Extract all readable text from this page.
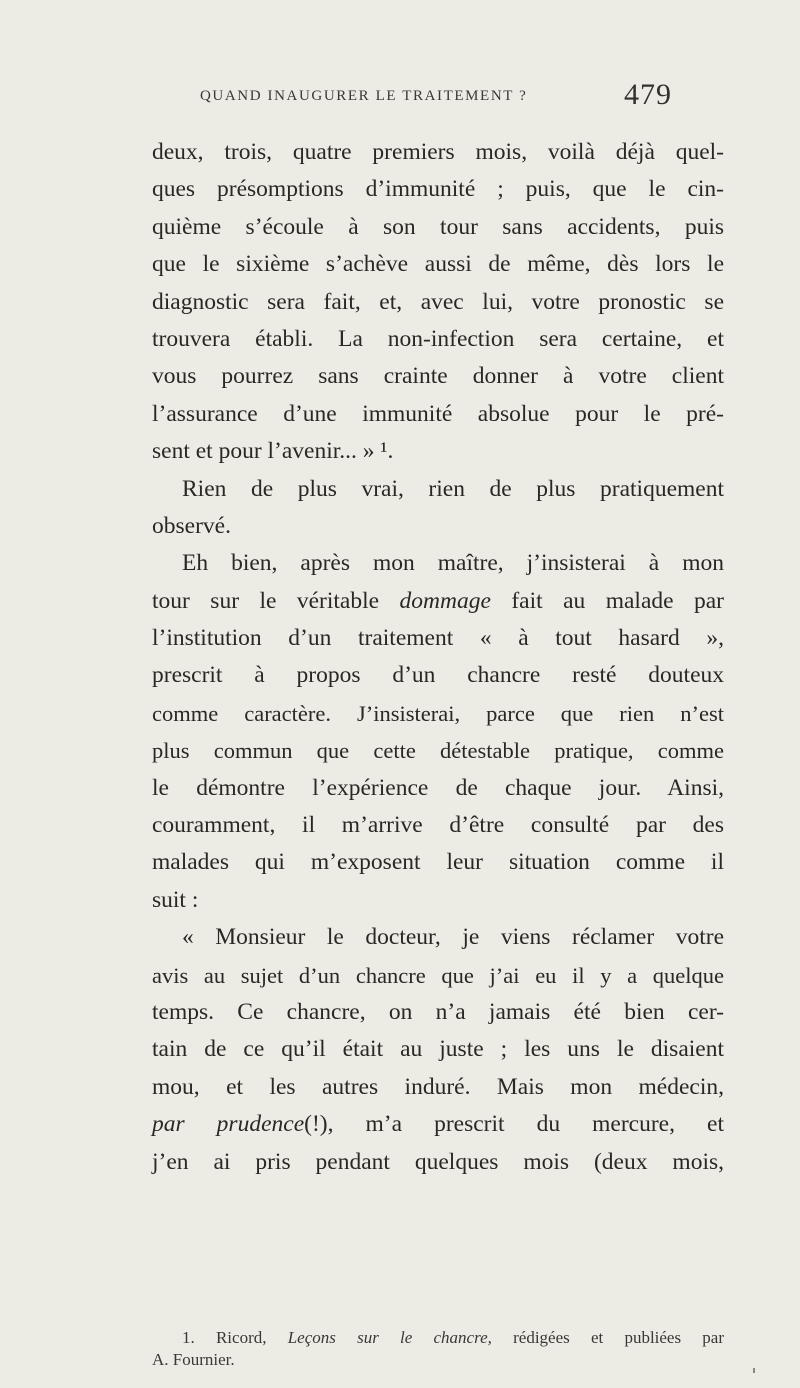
QUAND INAUGURER LE TRAITEMENT ?	479
deux, trois, quatre premiers mois, voilà déjà quel-
ques présomptions d’immunité ; puis, que le cin-
quième s’écoule à son tour sans accidents, puis
que le sixième s’achève aussi de même, dès lors le
diagnostic sera fait, et, avec lui, votre pronostic se
trouvera établi. La non-infection sera certaine, et
vous pourrez sans crainte donner à votre client
l’assurance d’une immunité absolue pour le pré-
sent et pour l’avenir... » ¹.
Rien de plus vrai, rien de plus pratiquement
observé.
Eh bien, après mon maître, j’insisterai à mon
tour sur le véritable dommage fait au malade par
l’institution d’un traitement « à tout hasard »,
prescrit à propos d’un chancre resté douteux
comme caractère. J’insisterai, parce que rien n’est
plus commun que cette détestable pratique, comme
le démontre l’expérience de chaque jour. Ainsi,
couramment, il m’arrive d’être consulté par des
malades qui m’exposent leur situation comme il
suit :
« Monsieur le docteur, je viens réclamer votre
avis au sujet d’un chancre que j’ai eu il y a quelque
temps. Ce chancre, on n’a jamais été bien cer-
tain de ce qu’il était au juste ; les uns le disaient
mou, et les autres induré. Mais mon médecin,
par prudence(!), m’a prescrit du mercure, et
j’en ai pris pendant quelques mois (deux mois,
1. Ricord, Leçons sur le chancre, rédigées et publiées par
A. Fournier.
